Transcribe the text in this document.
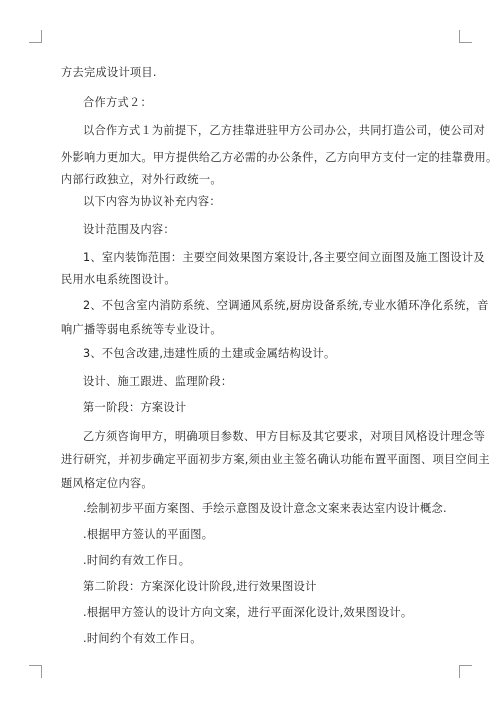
方去完成设计项目.
合作方式２：
以合作方式１为前提下，乙方挂靠进驻甲方公司办公，共同打造公司，使公司对
外影响力更加大。甲方提供给乙方必需的办公条件，乙方向甲方支付一定的挂靠费用。
内部行政独立，对外行政统一。
以下内容为协议补充内容：
设计范围及内容：
1、室内装饰范围：主要空间效果图方案设计,各主要空间立面图及施工图设计及
民用水电系统图设计。
2、不包含室内消防系统、空调通风系统,厨房设备系统,专业水循环净化系统，音
响广播等弱电系统等专业设计。
3、不包含改建,违建性质的土建或金属结构设计。
设计、施工跟进、监理阶段：
第一阶段：方案设计
乙方须咨询甲方，明确项目参数、甲方目标及其它要求，对项目风格设计理念等
进行研究，并初步确定平面初步方案,须由业主签名确认功能布置平面图、项目空间主
题风格定位内容。
.绘制初步平面方案图、手绘示意图及设计意念文案来表达室内设计概念.
.根据甲方签认的平面图。
.时间约有效工作日。
第二阶段：方案深化设计阶段,进行效果图设计
.根据甲方签认的设计方向文案，进行平面深化设计,效果图设计。
.时间约个有效工作日。
